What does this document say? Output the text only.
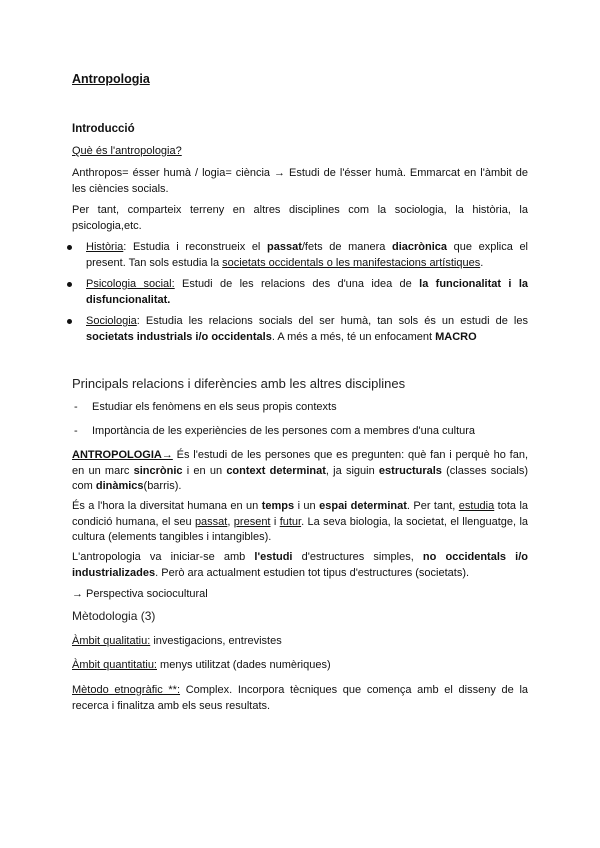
Antropologia
Introducció
Què és l'antropologia?
Anthropos= ésser humà / logia= ciència → Estudi de l'ésser humà. Emmarcat en l'àmbit de les ciències socials.
Per tant, comparteix terreny en altres disciplines com la sociologia, la història, la psicologia,etc.
Història: Estudia i reconstrueix el passat/fets de manera diacrònica que explica el present. Tan sols estudia la societats occidentals o les manifestacions artístiques.
Psicologia social: Estudi de les relacions des d'una idea de la funcionalitat i la disfuncionalitat.
Sociologia: Estudia les relacions socials del ser humà, tan sols és un estudi de les societats industrials i/o occidentals. A més a més, té un enfocament MACRO
Principals relacions i diferències amb les altres disciplines
- Estudiar els fenòmens en els seus propis contexts
- Importància de les experiències de les persones com a membres d'una cultura
ANTROPOLOGIA→ És l'estudi de les persones que es pregunten: què fan i perquè ho fan, en un marc sincrònic i en un context determinat, ja siguin estructurals (classes socials) com dinàmics(barris).
És a l'hora la diversitat humana en un temps i un espai determinat. Per tant, estudia tota la condició humana, el seu passat, present i futur. La seva biologia, la societat, el llenguatge, la cultura (elements tangibles i intangibles).
L'antropologia va iniciar-se amb l'estudi d'estructures simples, no occidentals i/o industrializades. Però ara actualment estudien tot tipus d'estructures (societats).
→ Perspectiva sociocultural
Mètodologia (3)
Àmbit qualitatiu: investigacions, entrevistes
Àmbit quantitatiu: menys utilitzat (dades numèriques)
Mètodo etnogràfic **: Complex. Incorpora tècniques que comença amb el disseny de la recerca i finalitza amb els seus resultats.
